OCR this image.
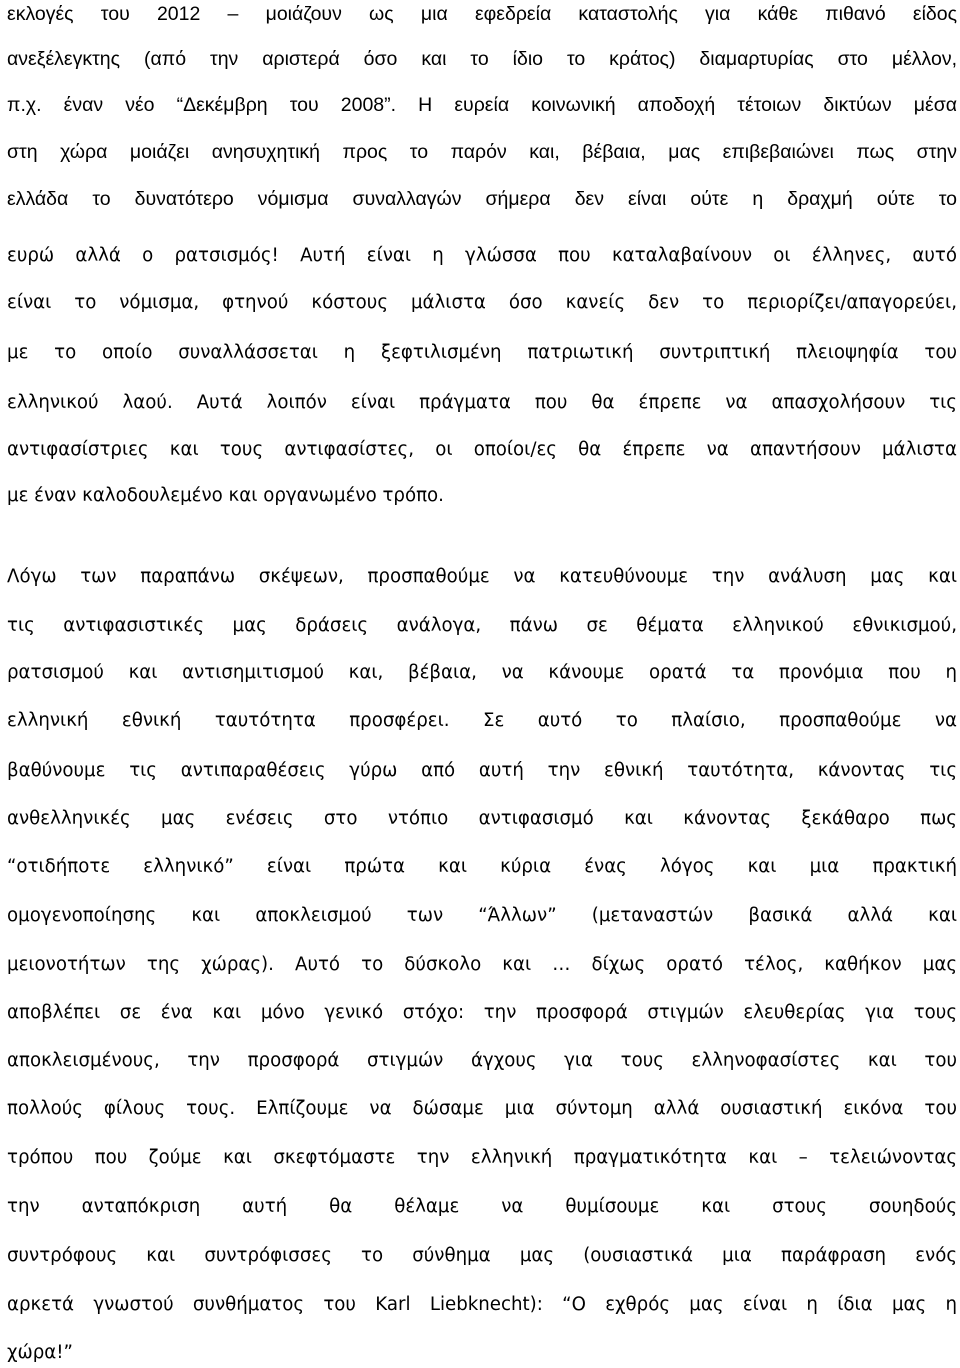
εκλογές του 2012 – μοιάζουν ως μια εφεδρεία καταστολής για κάθε πιθανό είδος
ανεξέλεγκτης (από την αριστερά όσο και το ίδιο το κράτος) διαμαρτυρίας στο μέλλον,
π.χ. έναν νέο “Δεκέμβρη του 2008”. Η ευρεία κοινωνική αποδοχή τέτοιων δικτύων μέσα
στη χώρα μοιάζει ανησυχητική προς το παρόν και, βέβαια, μας επιβεβαιώνει πως στην
ελλάδα το δυνατότερο νόμισμα συναλλαγών σήμερα δεν είναι ούτε η δραχμή ούτε το
ευρώ αλλά ο ρατσισμός! Αυτή είναι η γλώσσα που καταλαβαίνουν οι έλληνες, αυτό
είναι το νόμισμα, φτηνού κόστους μάλιστα όσο κανείς δεν το περιορίζει/απαγορεύει,
με το οποίο συναλλάσσεται η ξεφτιλισμένη πατριωτική συντριπτική πλειοψηφία του
ελληνικού λαού. Αυτά λοιπόν είναι πράγματα που θα έπρεπε να απασχολήσουν τις
αντιφασίστριες και τους αντιφασίστες, οι οποίοι/ες θα έπρεπε να απαντήσουν μάλιστα
με έναν καλοδουλεμένο και οργανωμένο τρόπο.
Λόγω των παραπάνω σκέψεων, προσπαθούμε να κατευθύνουμε την ανάλυση μας και
τις αντιφασιστικές μας δράσεις ανάλογα, πάνω σε θέματα ελληνικού εθνικισμού,
ρατσισμού και αντισημιτισμού και, βέβαια, να κάνουμε ορατά τα προνόμια που η
ελληνική εθνική ταυτότητα προσφέρει. Σε αυτό το πλαίσιο, προσπαθούμε να
βαθύνουμε τις αντιπαραθέσεις γύρω από αυτή την εθνική ταυτότητα, κάνοντας τις
ανθελληνικές μας ενέσεις στο ντόπιο αντιφασισμό και κάνοντας ξεκάθαρο πως
“οτιδήποτε ελληνικό” είναι πρώτα και κύρια ένας λόγος και μια πρακτική
ομογενοποίησης και αποκλεισμού των “Άλλων” (μεταναστών βασικά αλλά και
μειονοτήτων της χώρας). Αυτό το δύσκολο και … δίχως ορατό τέλος, καθήκον μας
αποβλέπει σε ένα και μόνο γενικό στόχο: την προσφορά στιγμών ελευθερίας για τους
αποκλεισμένους, την προσφορά στιγμών άγχους για τους ελληνοφασίστες και του
πολλούς φίλους τους. Ελπίζουμε να δώσαμε μια σύντομη αλλά ουσιαστική εικόνα του
τρόπου που ζούμε και σκεφτόμαστε την ελληνική πραγματικότητα και – τελειώνοντας
την ανταπόκριση αυτή θα θέλαμε να θυμίσουμε και στους σουηδούς
συντρόφους και συντρόφισσες το σύνθημα μας (ουσιαστικά μια παράφραση ενός
αρκετά γνωστού συνθήματος του Karl Liebknecht): “Ο εχθρός μας είναι η ίδια μας η
χώρα!”
